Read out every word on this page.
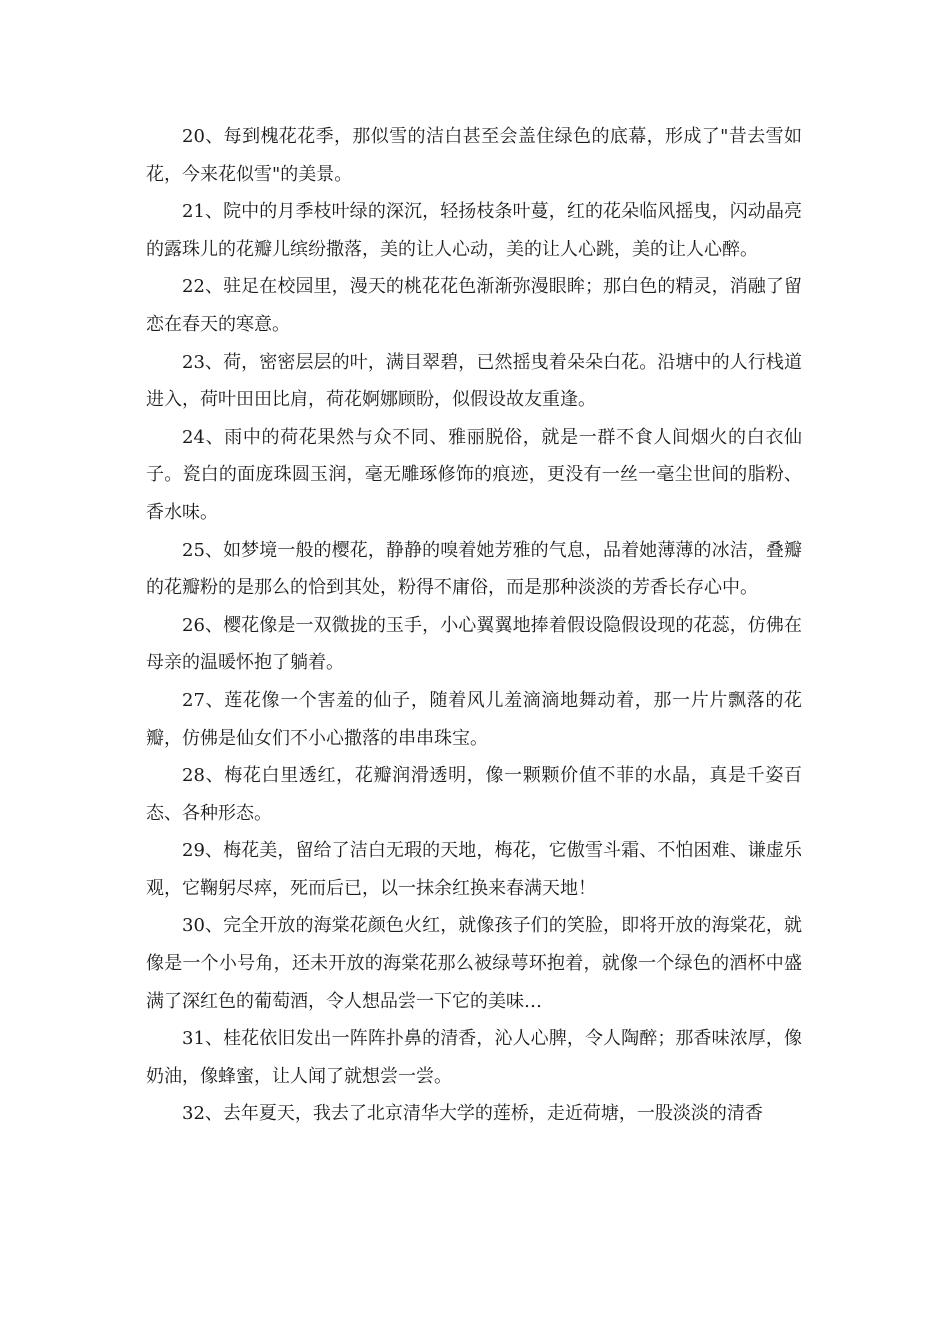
20、每到槐花花季，那似雪的洁白甚至会盖住绿色的底幕，形成了"昔去雪如花，今来花似雪"的美景。

21、院中的月季枝叶绿的深沉，轻扬枝条叶蔓，红的花朵临风摇曳，闪动晶亮的露珠儿的花瓣儿缤纷撒落，美的让人心动，美的让人心跳，美的让人心醉。

22、驻足在校园里，漫天的桃花花色渐渐弥漫眼眸；那白色的精灵，消融了留恋在春天的寒意。

23、荷，密密层层的叶，满目翠碧，已然摇曳着朵朵白花。沿塘中的人行栈道进入，荷叶田田比肩，荷花婀娜顾盼，似假设故友重逢。

24、雨中的荷花果然与众不同、雅丽脱俗，就是一群不食人间烟火的白衣仙子。瓷白的面庞珠圆玉润，毫无雕琢修饰的痕迹，更没有一丝一毫尘世间的脂粉、香水味。

25、如梦境一般的樱花，静静的嗅着她芳雅的气息，品着她薄薄的冰洁，叠瓣的花瓣粉的是那么的恰到其处，粉得不庸俗，而是那种淡淡的芳香长存心中。

26、樱花像是一双微拢的玉手，小心翼翼地捧着假设隐假设现的花蕊，仿佛在母亲的温暖怀抱了躺着。

27、莲花像一个害羞的仙子，随着风儿羞滴滴地舞动着，那一片片飘落的花瓣，仿佛是仙女们不小心撒落的串串珠宝。

28、梅花白里透红，花瓣润滑透明，像一颗颗价值不菲的水晶，真是千姿百态、各种形态。

29、梅花美，留给了洁白无瑕的天地，梅花，它傲雪斗霜、不怕困难、谦虚乐观，它鞠躬尽瘁，死而后已，以一抹余红换来春满天地！

30、完全开放的海棠花颜色火红，就像孩子们的笑脸，即将开放的海棠花，就像是一个小号角，还未开放的海棠花那么被绿萼环抱着，就像一个绿色的酒杯中盛满了深红色的葡萄酒，令人想品尝一下它的美味…

31、桂花依旧发出一阵阵扑鼻的清香，沁人心脾，令人陶醉；那香味浓厚，像奶油，像蜂蜜，让人闻了就想尝一尝。

32、去年夏天，我去了北京清华大学的莲桥，走近荷塘，一股淡淡的清香
